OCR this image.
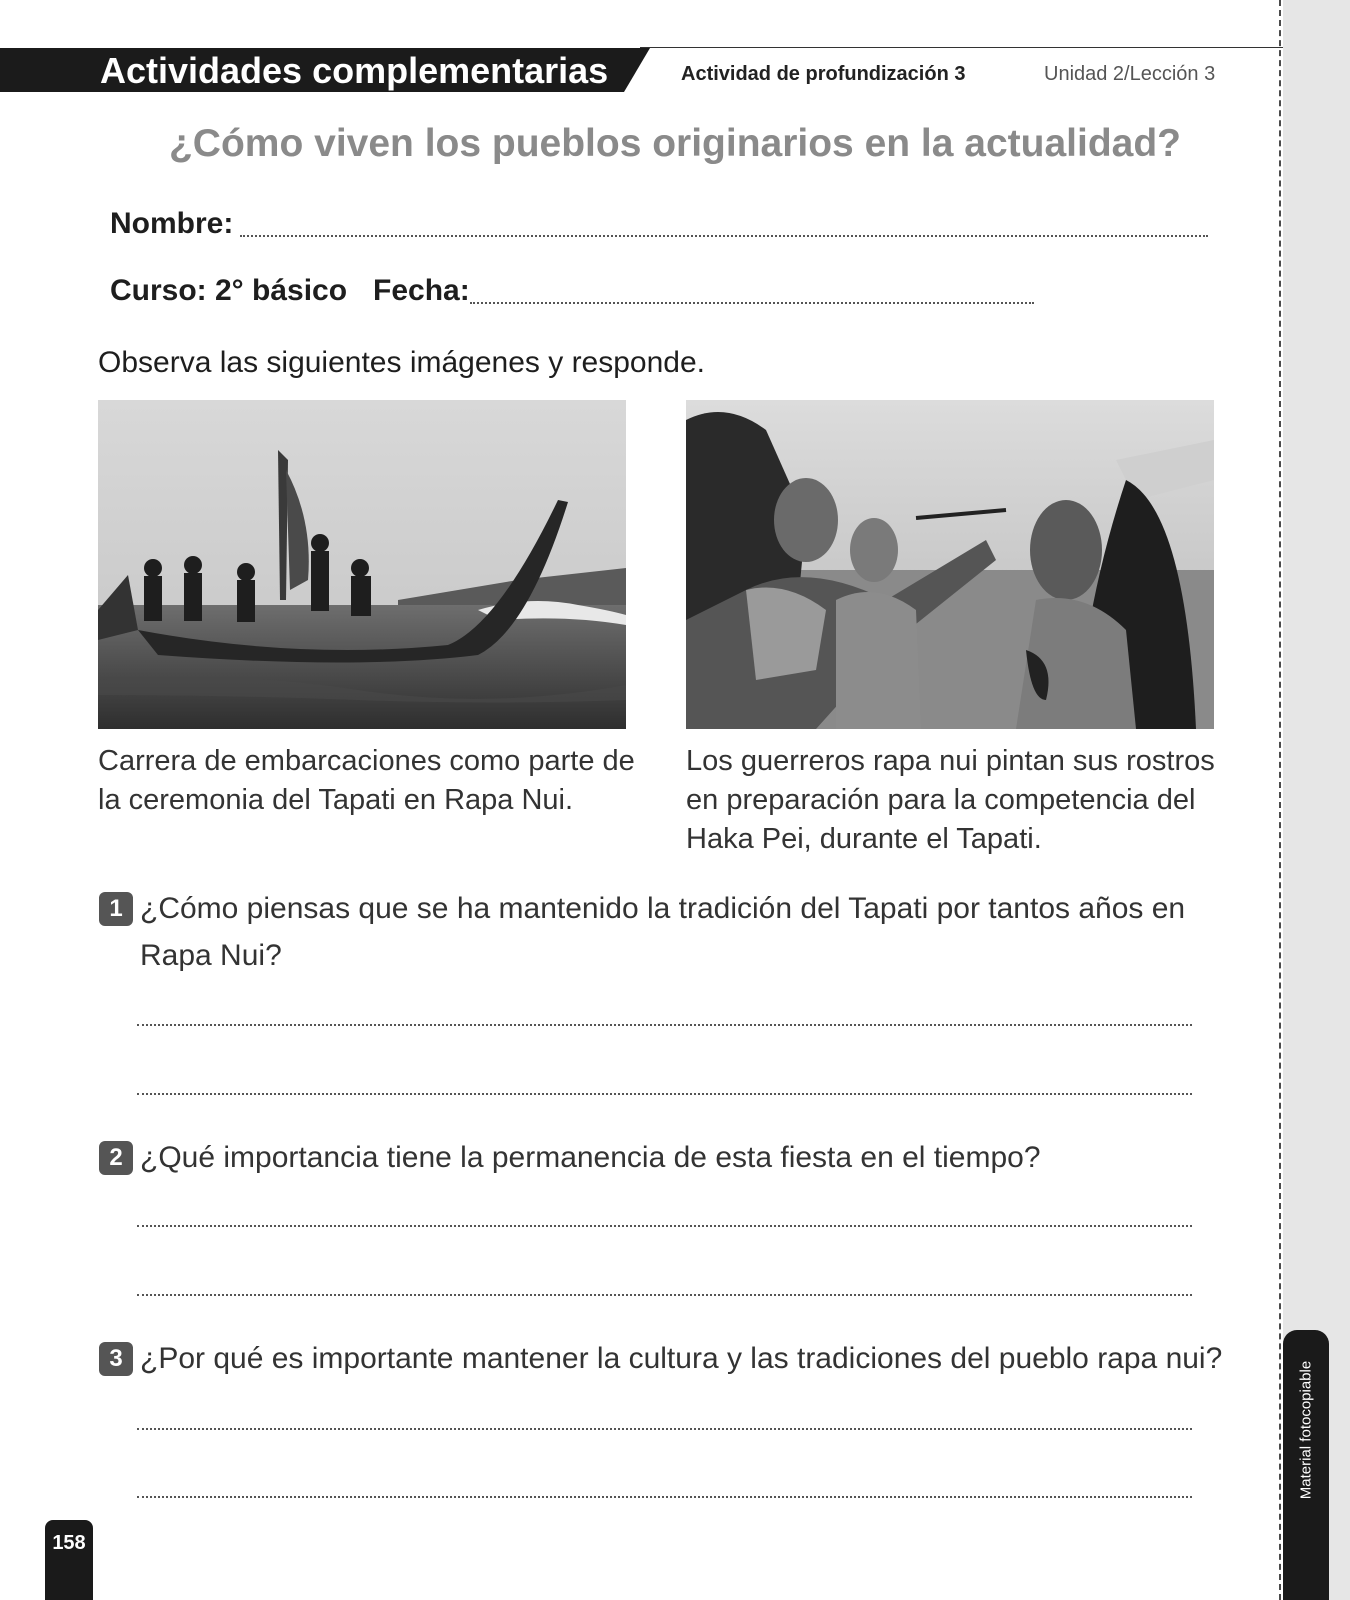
Material fotocopiable
Actividades complementarias	Actividad de profundización 3	Unidad 2/Lección 3
¿Cómo viven los pueblos originarios en la actualidad?
Nombre:
Curso: 2° básico Fecha:
Observa las siguientes imágenes y responde.
Carrera de embarcaciones como parte de la ceremonia del Tapati en Rapa Nui.
Los guerreros rapa nui pintan sus rostros en preparación para la competencia del Haka Pei, durante el Tapati.
1 ¿Cómo piensas que se ha mantenido la tradición del Tapati por tantos años en Rapa Nui?
2 ¿Qué importancia tiene la permanencia de esta fiesta en el tiempo?
3 ¿Por qué es importante mantener la cultura y las tradiciones del pueblo rapa nui?
158
